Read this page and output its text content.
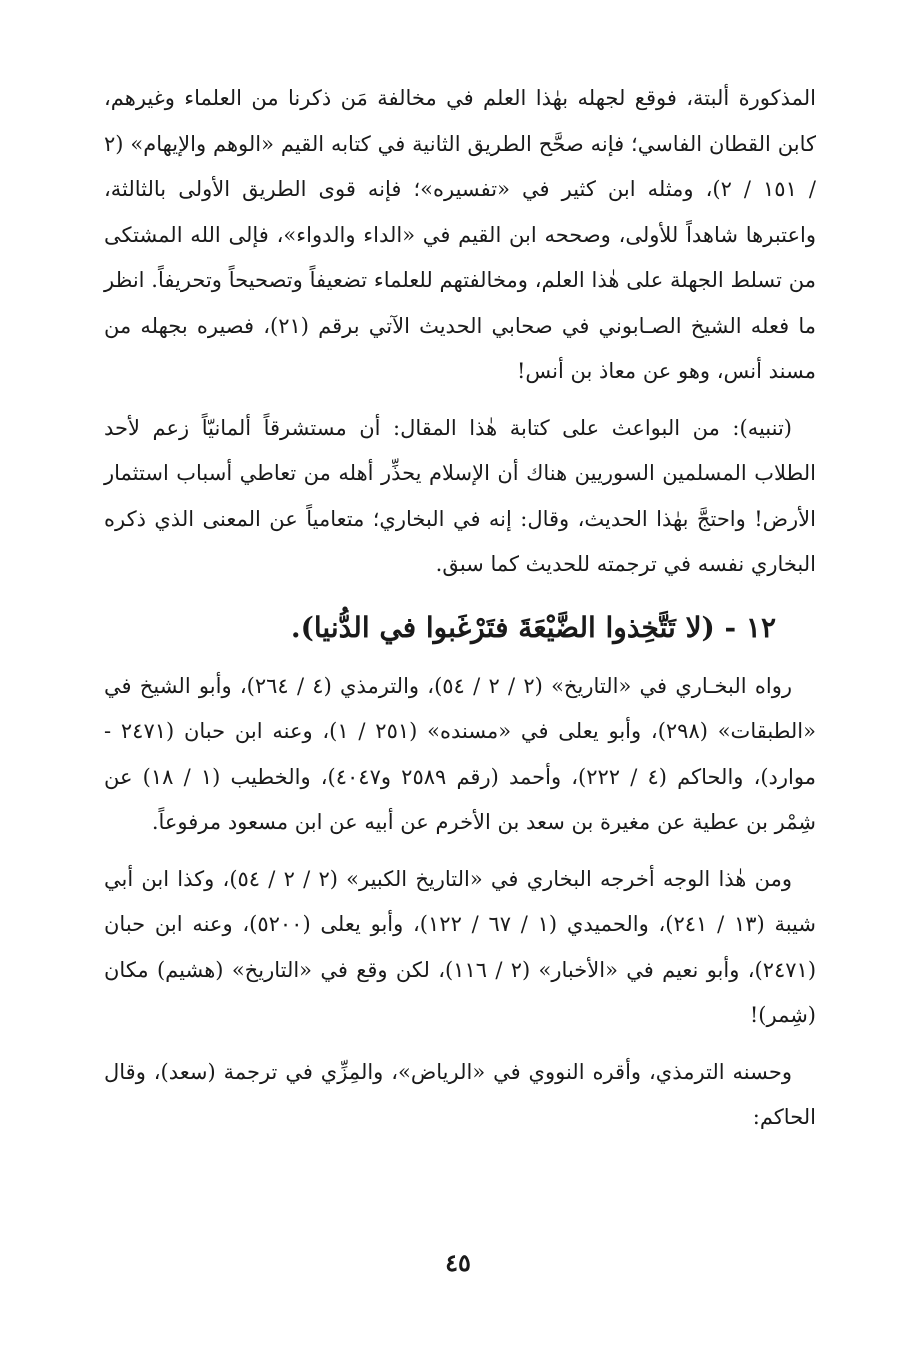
المذكورة ألبتة، فوقع لجهله بهٰذا العلم في مخالفة مَن ذكرنا من العلماء وغيرهم، كابن القطان الفاسي؛ فإنه صحَّح الطريق الثانية في كتابه القيم «الوهم والإيهام» (٢ / ١٥١ / ٢)، ومثله ابن كثير في «تفسيره»؛ فإنه قوى الطريق الأولى بالثالثة، واعتبرها شاهداً للأولى، وصححه ابن القيم في «الداء والدواء»، فإلى الله المشتكى من تسلط الجهلة على هٰذا العلم، ومخالفتهم للعلماء تضعيفاً وتصحيحاً وتحريفاً. انظر ما فعله الشيخ الصـابوني في صحابي الحديث الآتي برقم (٢١)، فصيره بجهله من مسند أنس، وهو عن معاذ بن أنس!

(تنبيه): من البواعث على كتابة هٰذا المقال: أن مستشرقاً ألمانيّاً زعم لأحد الطلاب المسلمين السوريين هناك أن الإسلام يحذِّر أهله من تعاطي أسباب استثمار الأرض! واحتجَّ بهٰذا الحديث، وقال: إنه في البخاري؛ متعامياً عن المعنى الذي ذكره البخاري نفسه في ترجمته للحديث كما سبق.

١٢ - (لا تَتَّخِذوا الضَّيْعَةَ فتَرْغَبوا في الدُّنيا).

رواه البخـاري في «التاريخ» (٢ / ٢ / ٥٤)، والترمذي (٤ / ٢٦٤)، وأبو الشيخ في «الطبقات» (٢٩٨)، وأبو يعلى في «مسنده» (٢٥١ / ١)، وعنه ابن حبان (٢٤٧١ - موارد)، والحاكم (٤ / ٢٢٢)، وأحمد (رقم ٢٥٨٩ و٤٠٤٧)، والخطيب (١ / ١٨) عن شِمْر بن عطية عن مغيرة بن سعد بن الأخرم عن أبيه عن ابن مسعود مرفوعاً.

ومن هٰذا الوجه أخرجه البخاري في «التاريخ الكبير» (٢ / ٢ / ٥٤)، وكذا ابن أبي شيبة (١٣ / ٢٤١)، والحميدي (١ / ٦٧ / ١٢٢)، وأبو يعلى (٥٢٠٠)، وعنه ابن حبان (٢٤٧١)، وأبو نعيم في «الأخبار» (٢ / ١١٦)، لكن وقع في «التاريخ» (هشيم) مكان (شِمر)!

وحسنه الترمذي، وأقره النووي في «الرياض»، والمِزِّي في ترجمة (سعد)، وقال الحاكم:

٤٥
